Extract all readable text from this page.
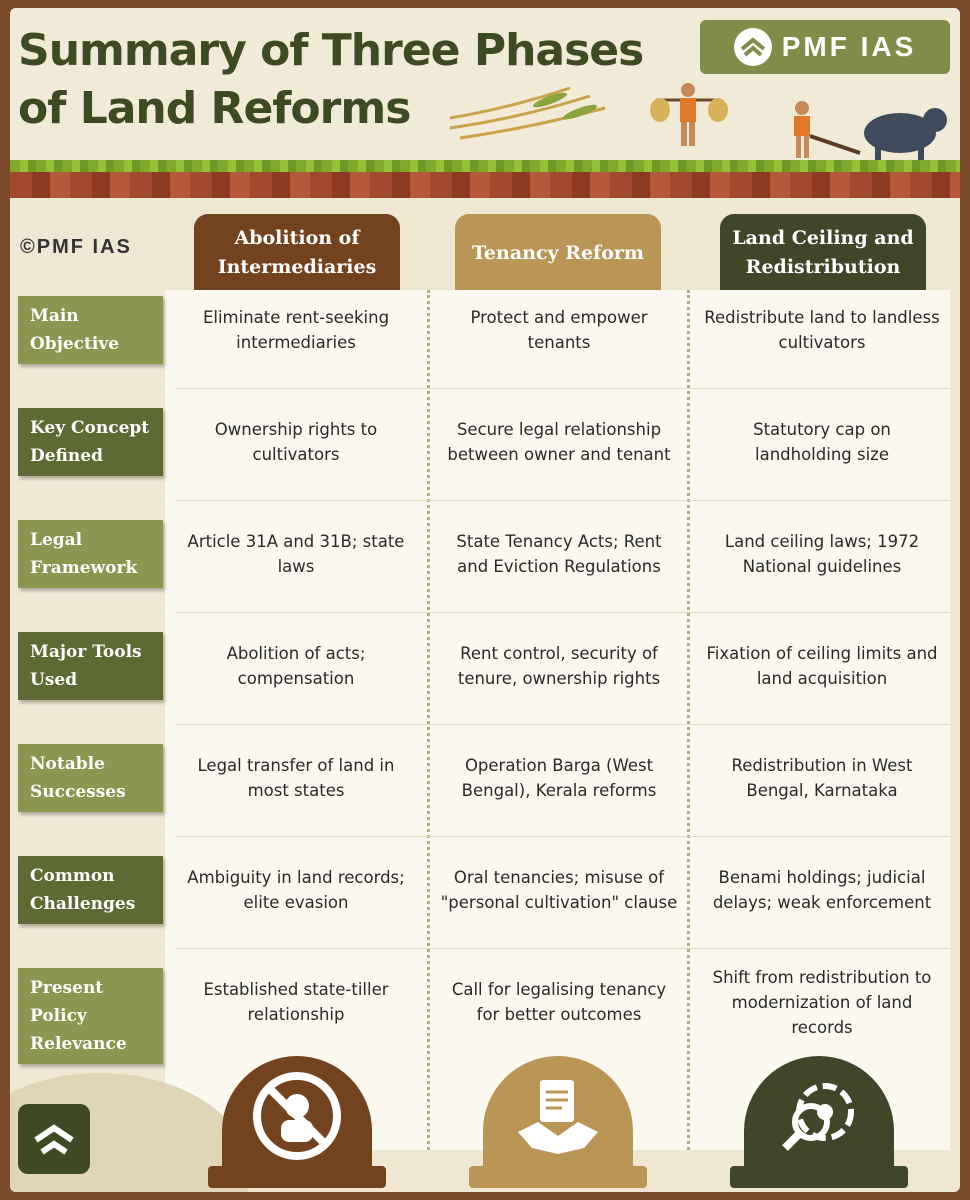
Summary of Three Phases
of Land Reforms
PMF IAS
©PMF IAS	Abolition of Intermediaries
Tenancy Reform
Land Ceiling and Redistribution
Main Objective
Eliminate rent-seeking intermediaries
Protect and empower tenants
Redistribute land to landless cultivators
Key Concept Defined
Ownership rights to cultivators
Secure legal relationship between owner and tenant
Statutory cap on landholding size
Legal Framework
Article 31A and 31B; state laws
State Tenancy Acts; Rent and Eviction Regulations
Land ceiling laws; 1972 National guidelines
Major Tools Used
Abolition of acts; compensation
Rent control, security of tenure, ownership rights
Fixation of ceiling limits and land acquisition
Notable Successes
Legal transfer of land in most states
Operation Barga (West Bengal), Kerala reforms
Redistribution in West Bengal, Karnataka
Common Challenges
Ambiguity in land records; elite evasion
Oral tenancies; misuse of "personal cultivation" clause
Benami holdings; judicial delays; weak enforcement
Present Policy Relevance
Established state-tiller relationship
Call for legalising tenancy for better outcomes
Shift from redistribution to modernization of land records
